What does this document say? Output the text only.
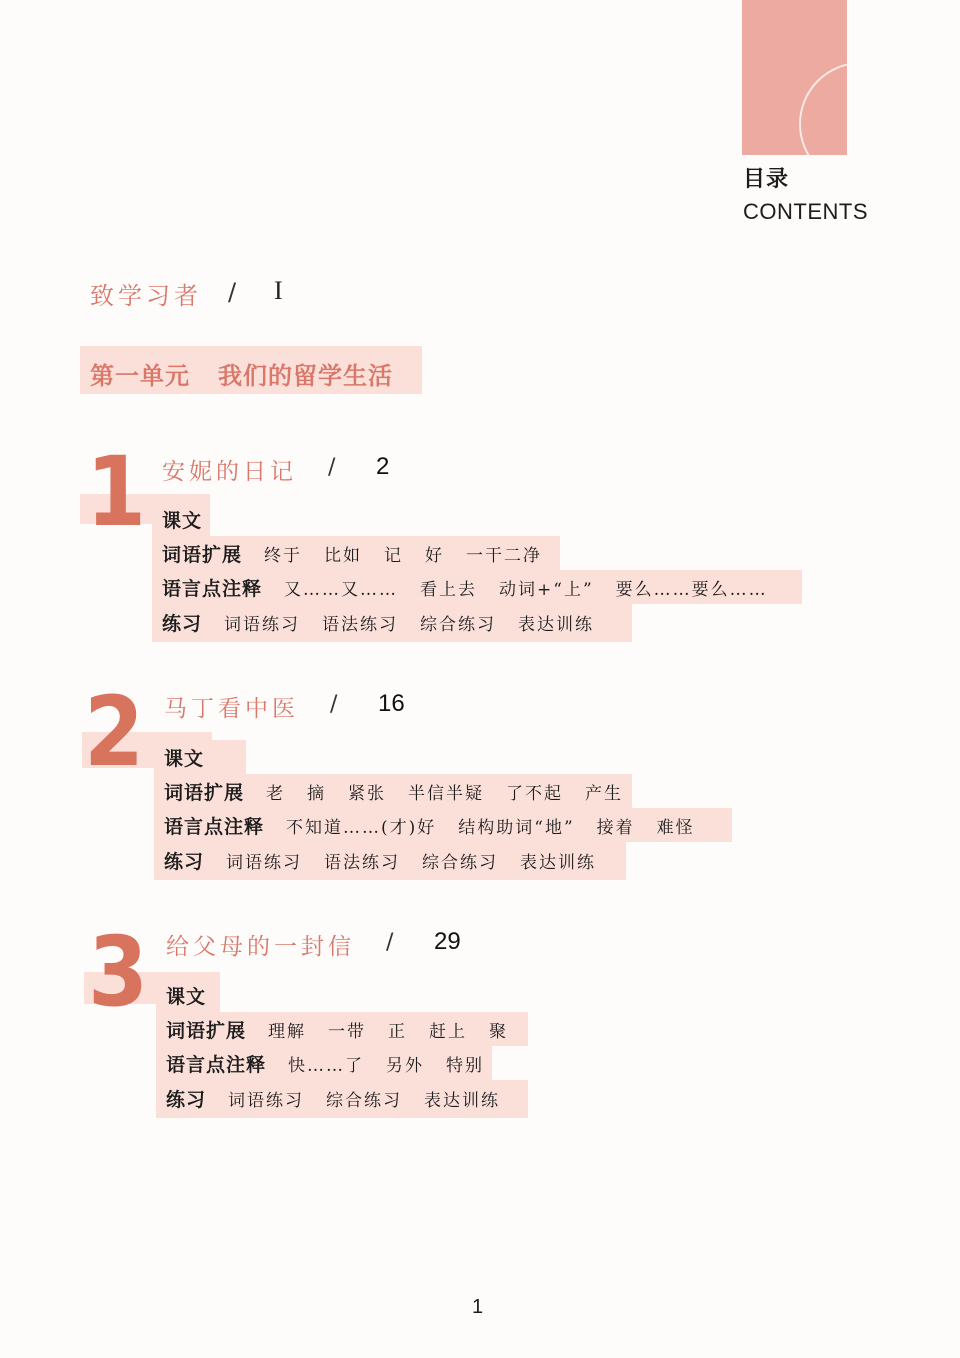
目录
CONTENTS
致学习者 / I
第一单元 我们的留学生活
1 安妮的日记 / 2
课文
词语扩展 终于 比如 记 好 一干二净
语言点注释 又……又…… 看上去 动词+“上” 要么……要么……
练习 词语练习 语法练习 综合练习 表达训练
2 马丁看中医 / 16
课文
词语扩展 老 摘 紧张 半信半疑 了不起 产生
语言点注释 不知道……(才)好 结构助词“地” 接着 难怪
练习 词语练习 语法练习 综合练习 表达训练
3 给父母的一封信 / 29
课文
词语扩展 理解 一带 正 赶上 聚
语言点注释 快……了 另外 特别
练习 词语练习 综合练习 表达训练
1
